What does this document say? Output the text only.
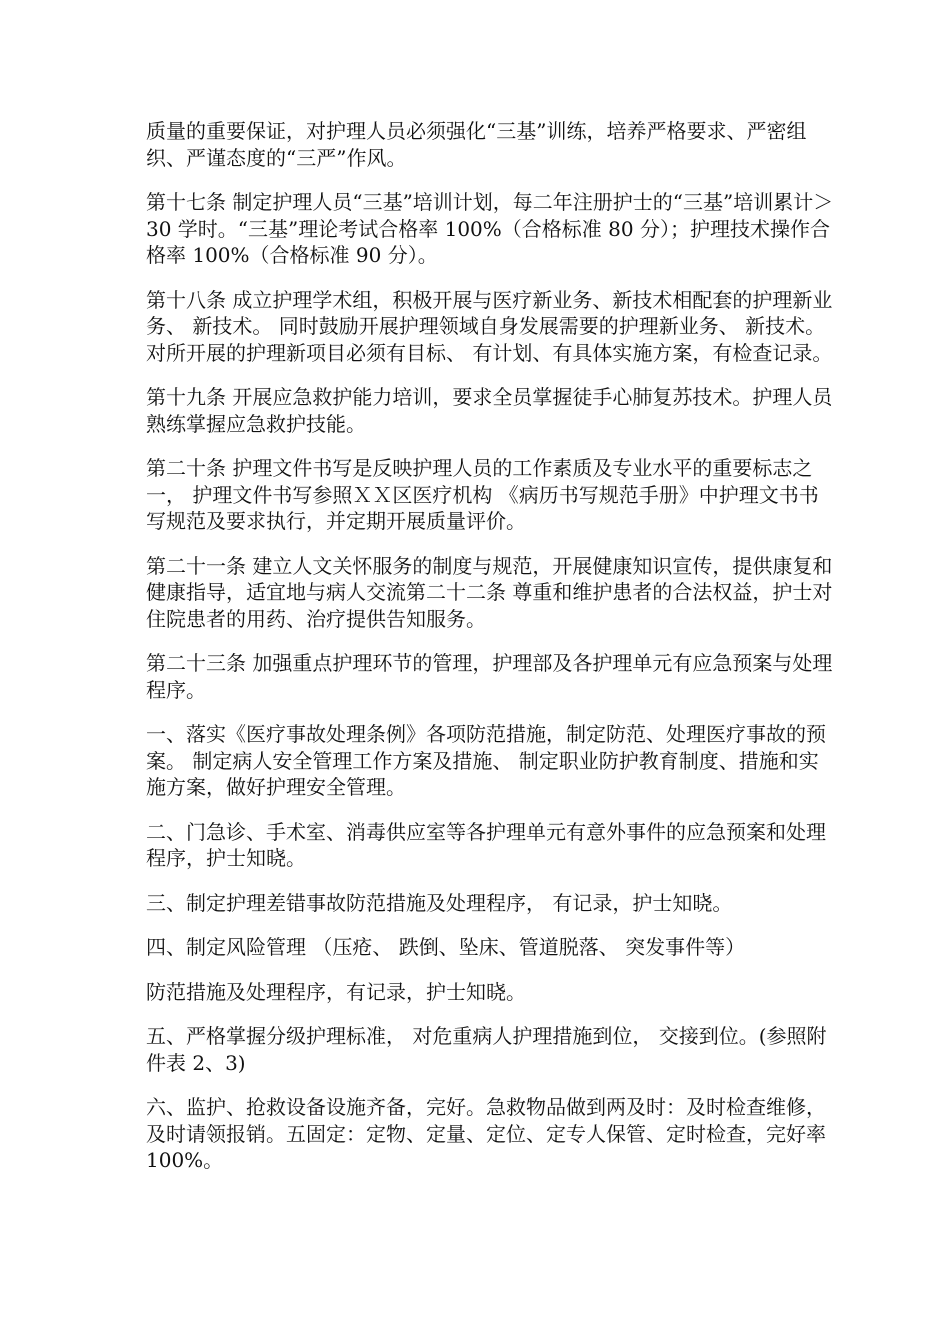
质量的重要保证，对护理人员必须强化“三基”训练，培养严格要求、严密组织、严谨态度的“三严”作风。

第十七条 制定护理人员“三基”培训计划，每二年注册护士的“三基”培训累计＞ 30 学时。“三基”理论考试合格率 100%（合格标准 80 分）；护理技术操作合格率 100%（合格标准 90 分）。

第十八条 成立护理学术组，积极开展与医疗新业务、新技术相配套的护理新业务、 新技术。 同时鼓励开展护理领域自身发展需要的护理新业务、 新技术。对所开展的护理新项目必须有目标、 有计划、有具体实施方案，有检查记录。

第十九条 开展应急救护能力培训，要求全员掌握徒手心肺复苏技术。护理人员熟练掌握应急救护技能。

第二十条 护理文件书写是反映护理人员的工作素质及专业水平的重要标志之一， 护理文件书写参照ＸＸ区医疗机构 《病历书写规范手册》中护理文书书写规范及要求执行，并定期开展质量评价。

第二十一条 建立人文关怀服务的制度与规范，开展健康知识宣传，提供康复和健康指导，适宜地与病人交流第二十二条 尊重和维护患者的合法权益，护士对住院患者的用药、治疗提供告知服务。

第二十三条 加强重点护理环节的管理，护理部及各护理单元有应急预案与处理程序。

一、落实《医疗事故处理条例》各项防范措施，制定防范、处理医疗事故的预案。 制定病人安全管理工作方案及措施、 制定职业防护教育制度、措施和实施方案，做好护理安全管理。

二、门急诊、手术室、消毒供应室等各护理单元有意外事件的应急预案和处理程序，护士知晓。

三、制定护理差错事故防范措施及处理程序， 有记录，护士知晓。

四、制定风险管理 （压疮、 跌倒、坠床、管道脱落、 突发事件等）

防范措施及处理程序，有记录，护士知晓。

五、严格掌握分级护理标准， 对危重病人护理措施到位， 交接到位。(参照附件表 2、3)

六、监护、抢救设备设施齐备，完好。急救物品做到两及时：及时检查维修，及时请领报销。五固定：定物、定量、定位、定专人保管、定时检查，完好率 100%。
